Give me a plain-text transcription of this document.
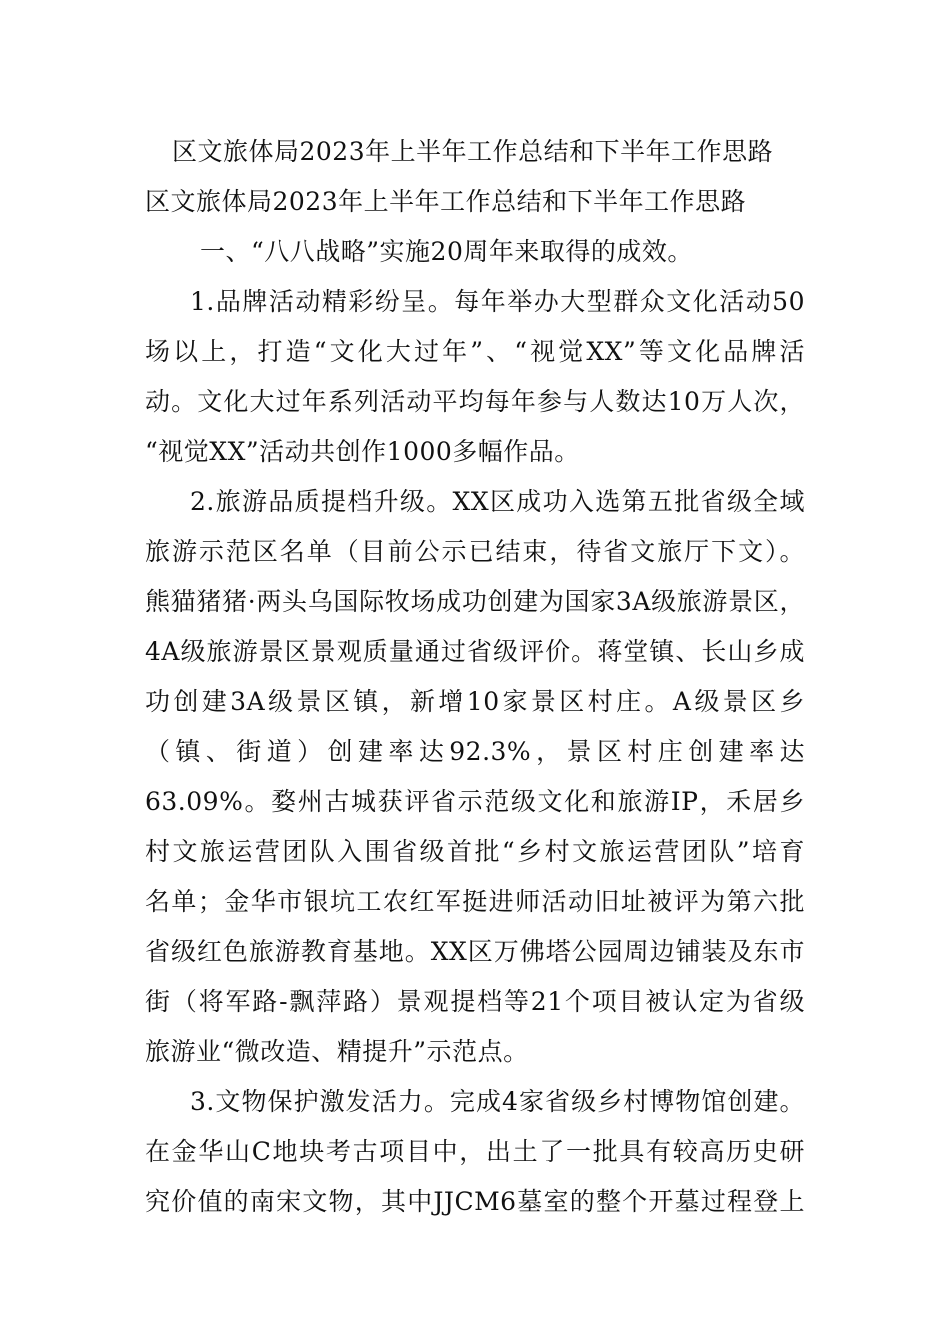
区文旅体局2023年上半年工作总结和下半年工作思路
区文旅体局2023年上半年工作总结和下半年工作思路
一、“八八战略”实施20周年来取得的成效。
1.品牌活动精彩纷呈。每年举办大型群众文化活动50
场以上，打造“文化大过年”、“视觉XX”等文化品牌活
动。文化大过年系列活动平均每年参与人数达10万人次，
“视觉XX”活动共创作1000多幅作品。
2.旅游品质提档升级。XX区成功入选第五批省级全域
旅游示范区名单（目前公示已结束，待省文旅厅下文）。
熊猫猪猪·两头乌国际牧场成功创建为国家3A级旅游景区，
4A级旅游景区景观质量通过省级评价。蒋堂镇、长山乡成
功创建3A级景区镇，新增10家景区村庄。A级景区乡
（镇、街道）创建率达92.3%，景区村庄创建率达
63.09%。婺州古城获评省示范级文化和旅游IP，禾居乡
村文旅运营团队入围省级首批“乡村文旅运营团队”培育
名单；金华市银坑工农红军挺进师活动旧址被评为第六批
省级红色旅游教育基地。XX区万佛塔公园周边铺装及东市
街（将军路-飘萍路）景观提档等21个项目被认定为省级
旅游业“微改造、精提升”示范点。
3.文物保护激发活力。完成4家省级乡村博物馆创建。
在金华山C地块考古项目中，出土了一批具有较高历史研
究价值的南宋文物，其中JJCM6墓室的整个开墓过程登上
